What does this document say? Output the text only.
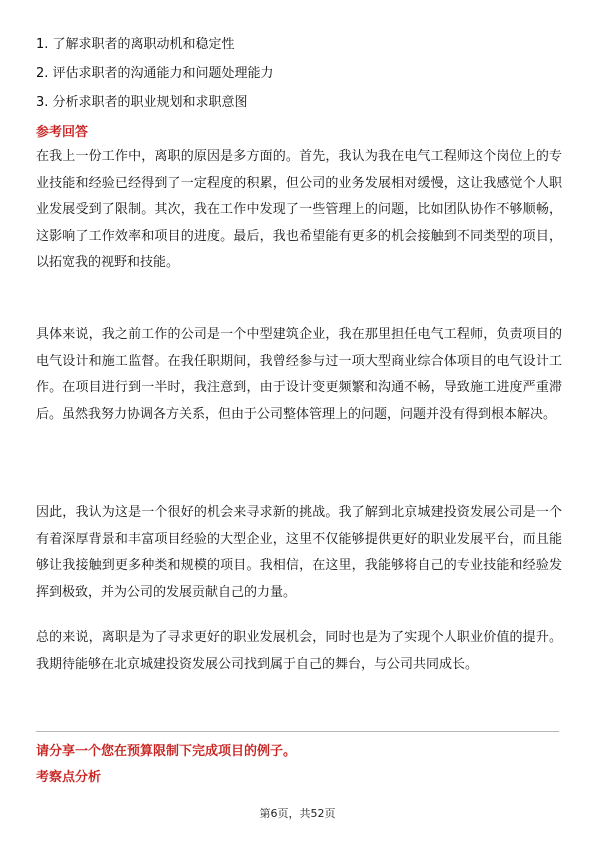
1. 了解求职者的离职动机和稳定性
2. 评估求职者的沟通能力和问题处理能力
3. 分析求职者的职业规划和求职意图
参考回答

在我上一份工作中，离职的原因是多方面的。首先，我认为我在电气工程师这个岗位上的专业技能和经验已经得到了一定程度的积累，但公司的业务发展相对缓慢，这让我感觉个人职业发展受到了限制。其次，我在工作中发现了一些管理上的问题，比如团队协作不够顺畅，这影响了工作效率和项目的进度。最后，我也希望能有更多的机会接触到不同类型的项目，以拓宽我的视野和技能。

具体来说，我之前工作的公司是一个中型建筑企业，我在那里担任电气工程师，负责项目的电气设计和施工监督。在我任职期间，我曾经参与过一项大型商业综合体项目的电气设计工作。在项目进行到一半时，我注意到，由于设计变更频繁和沟通不畅，导致施工进度严重滞后。虽然我努力协调各方关系，但由于公司整体管理上的问题，问题并没有得到根本解决。

因此，我认为这是一个很好的机会来寻求新的挑战。我了解到北京城建投资发展公司是一个有着深厚背景和丰富项目经验的大型企业，这里不仅能够提供更好的职业发展平台，而且能够让我接触到更多种类和规模的项目。我相信，在这里，我能够将自己的专业技能和经验发挥到极致，并为公司的发展贡献自己的力量。

总的来说，离职是为了寻求更好的职业发展机会，同时也是为了实现个人职业价值的提升。我期待能够在北京城建投资发展公司找到属于自己的舞台，与公司共同成长。

请分享一个您在预算限制下完成项目的例子。
考察点分析
第6页，共52页
